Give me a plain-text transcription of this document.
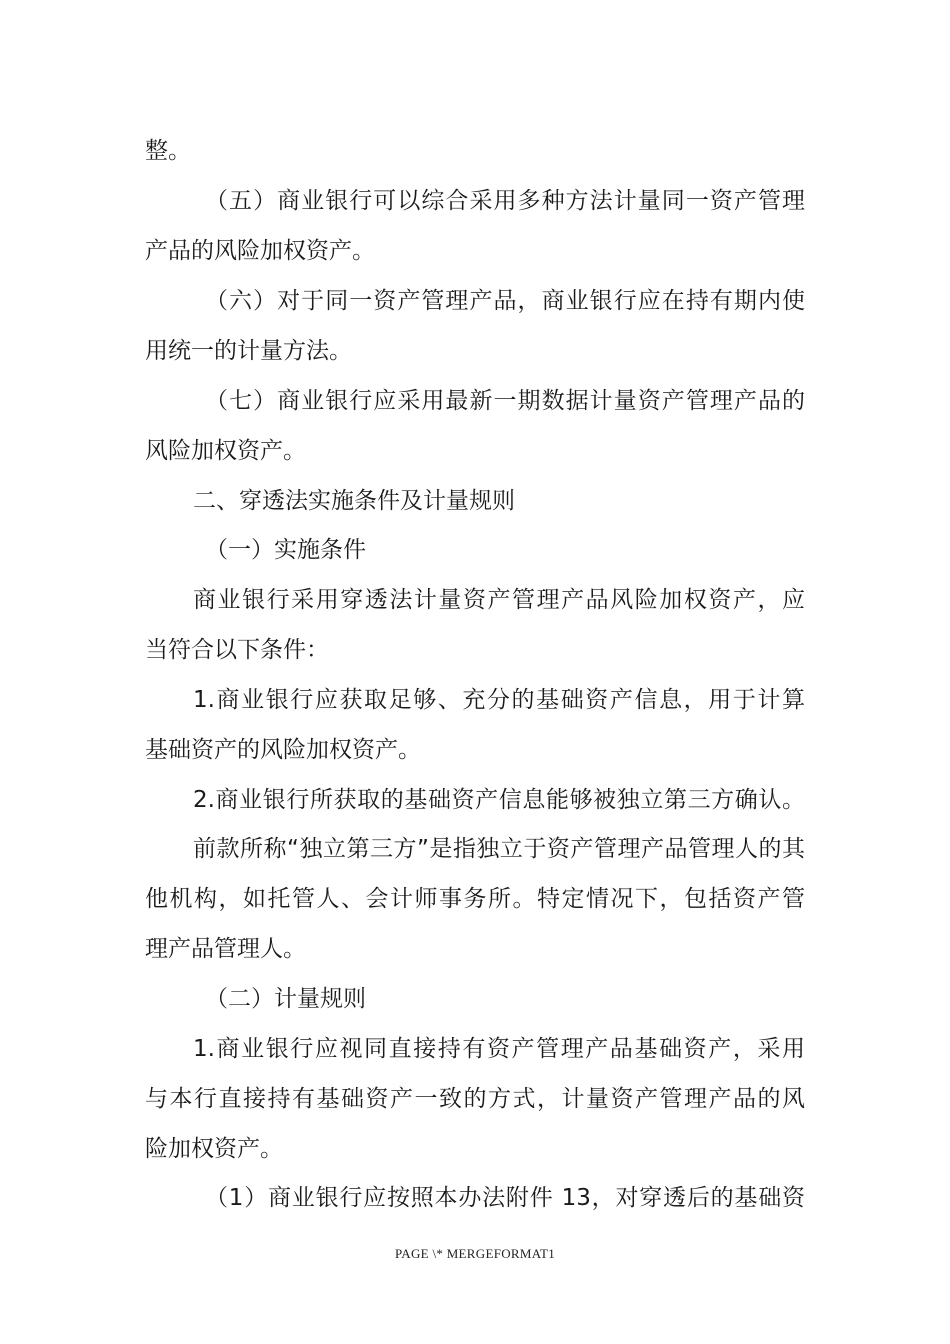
整。
（五）商业银行可以综合采用多种方法计量同一资产管理
产品的风险加权资产。
（六）对于同一资产管理产品，商业银行应在持有期内使
用统一的计量方法。
（七）商业银行应采用最新一期数据计量资产管理产品的
风险加权资产。
二、穿透法实施条件及计量规则
（一）实施条件
商业银行采用穿透法计量资产管理产品风险加权资产，应
当符合以下条件：
1.商业银行应获取足够、充分的基础资产信息，用于计算
基础资产的风险加权资产。
2.商业银行所获取的基础资产信息能够被独立第三方确认。
前款所称“独立第三方”是指独立于资产管理产品管理人的其
他机构，如托管人、会计师事务所。特定情况下，包括资产管
理产品管理人。
（二）计量规则
1.商业银行应视同直接持有资产管理产品基础资产，采用
与本行直接持有基础资产一致的方式，计量资产管理产品的风
险加权资产。
（1）商业银行应按照本办法附件 13，对穿透后的基础资
PAGE \* MERGEFORMAT1
